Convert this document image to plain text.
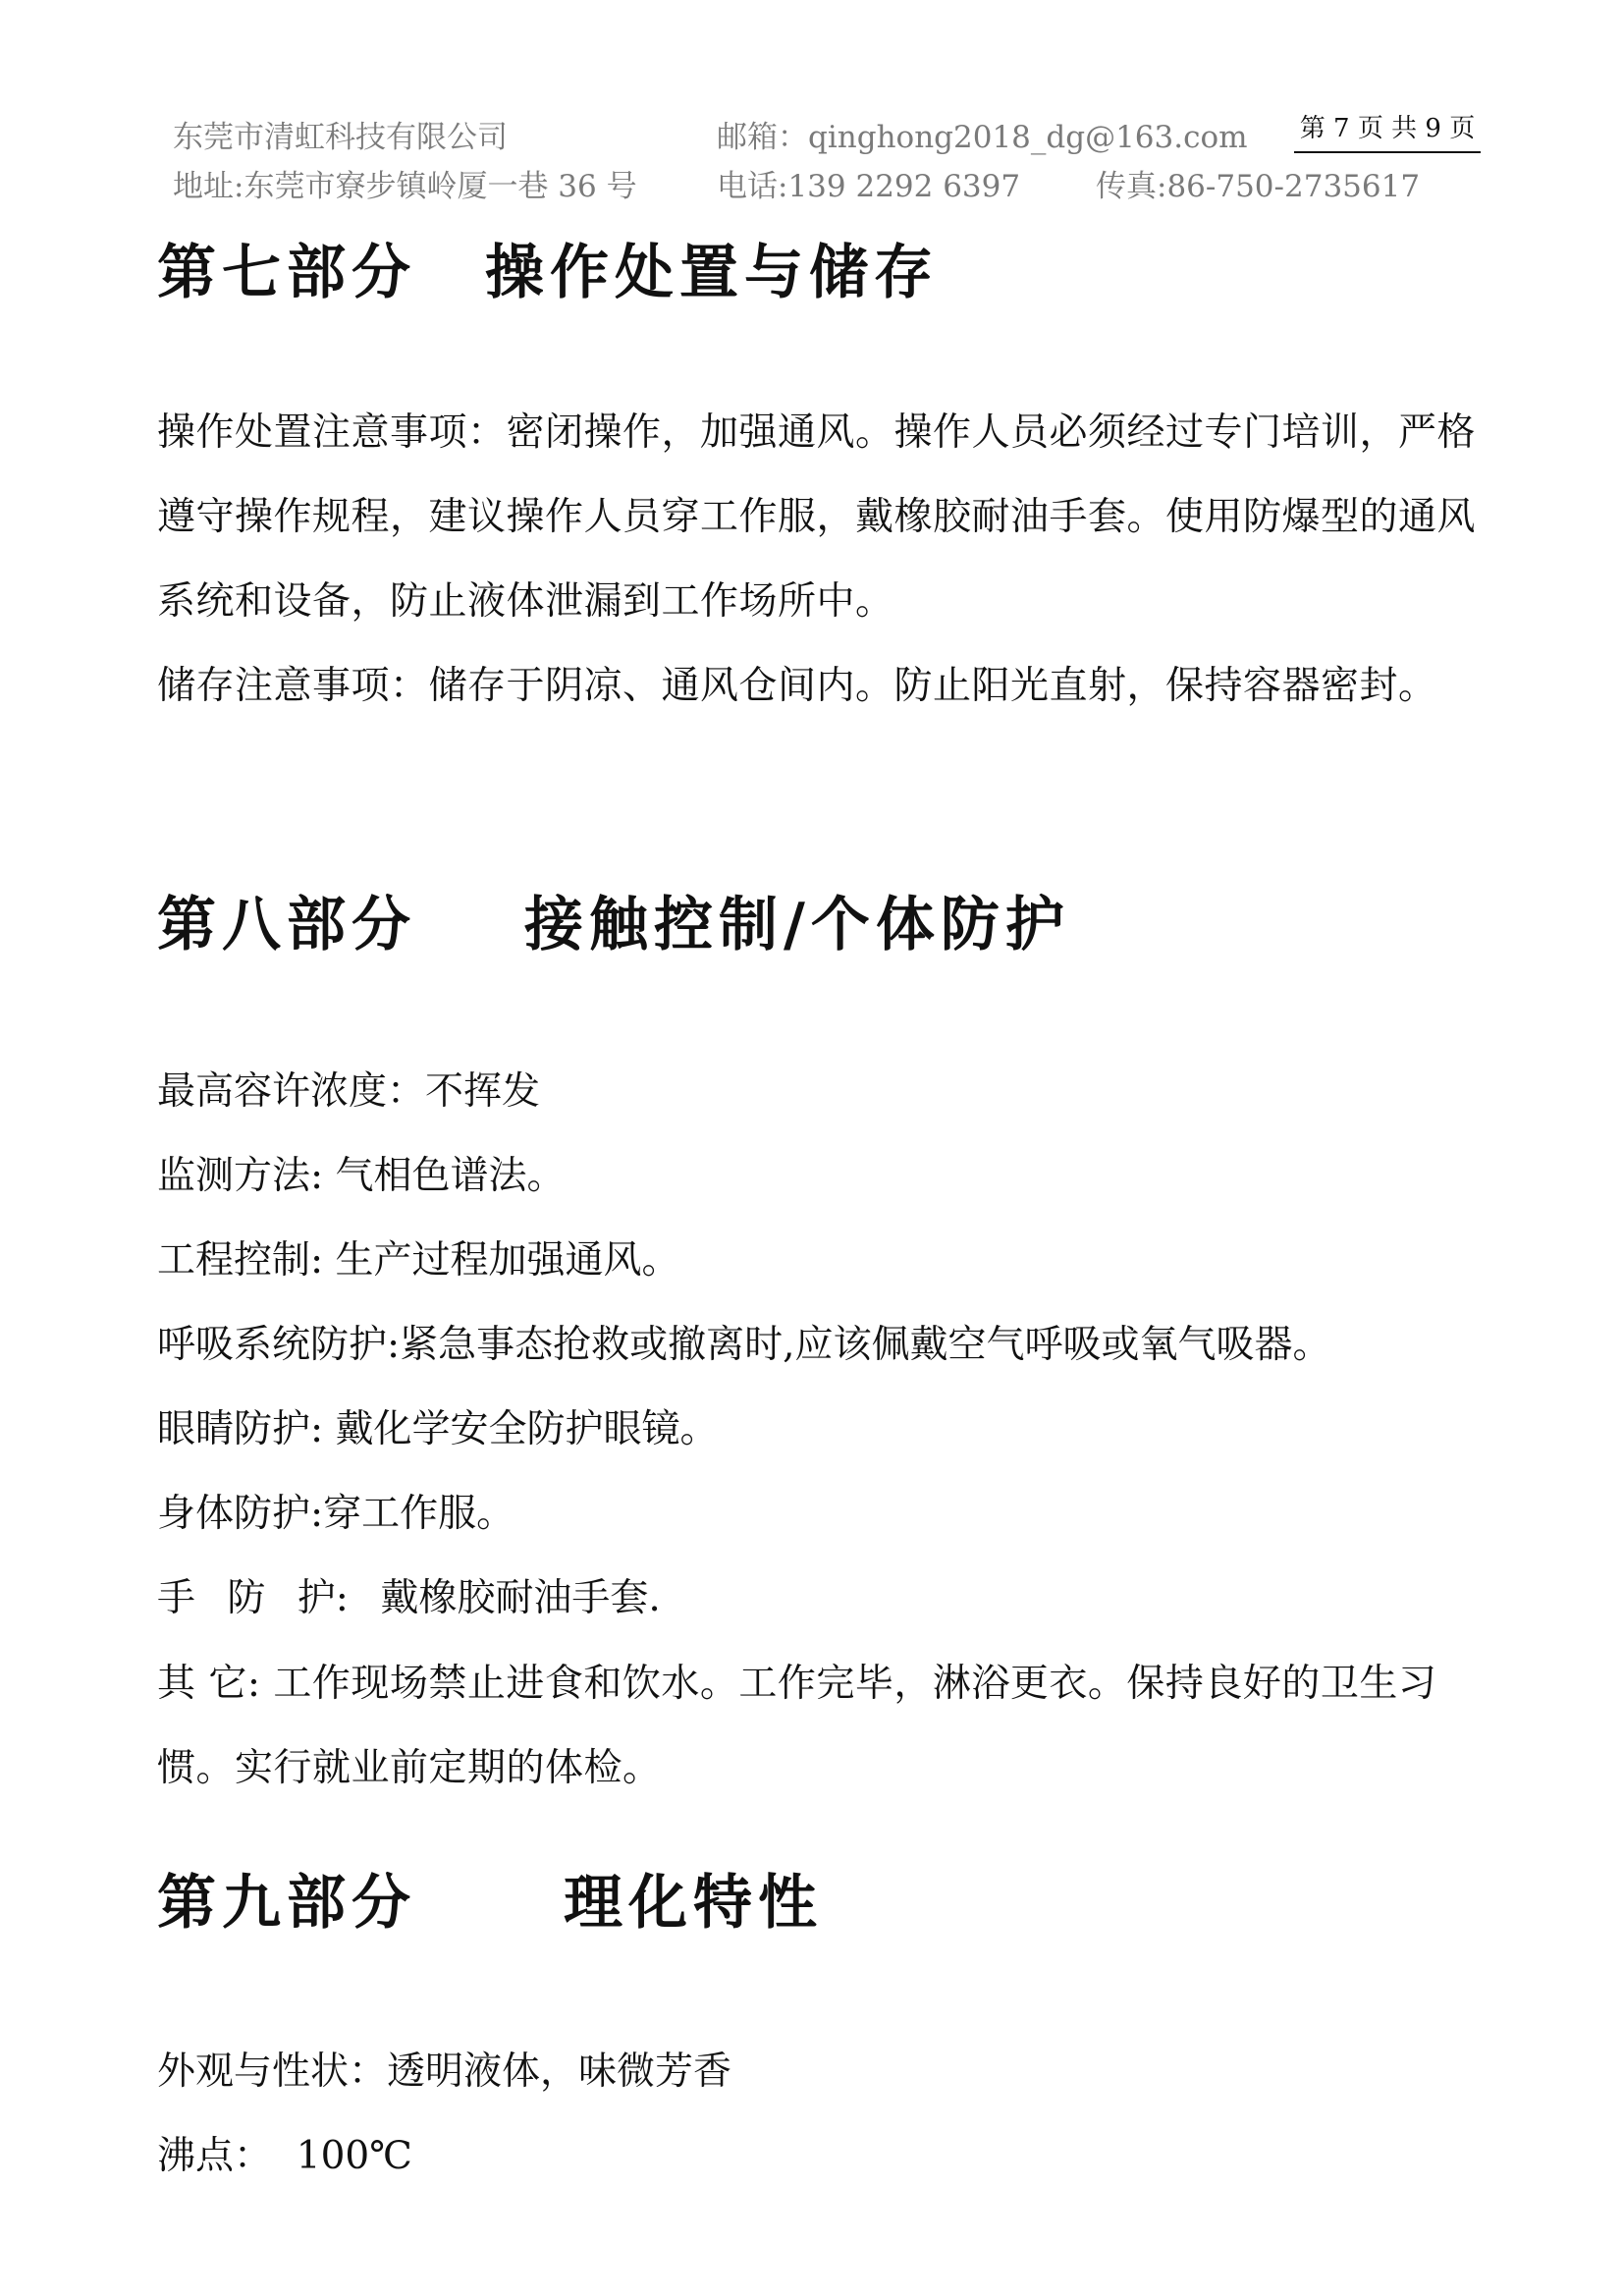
东莞市清虹科技有限公司	邮箱：qinghong2018_dg@163.com 第 7 页 共 9 页
地址:东莞市寮步镇岭厦一巷 36 号	电话:139 2292 6397 传真:86-750-2735617
第七部分 操作处置与储存
操作处置注意事项：密闭操作，加强通风。操作人员必须经过专门培训，严格遵守操作规程，建议操作人员穿工作服，戴橡胶耐油手套。使用防爆型的通风系统和设备，防止液体泄漏到工作场所中。
储存注意事项：储存于阴凉、通风仓间内。防止阳光直射，保持容器密封。
第八部分 接触控制/个体防护
最高容许浓度：不挥发
监测方法: 气相色谱法。
工程控制: 生产过程加强通风。
呼吸系统防护:紧急事态抢救或撤离时,应该佩戴空气呼吸或氧气吸器。
眼睛防护: 戴化学安全防护眼镜。
身体防护:穿工作服。
手 防 护: 戴橡胶耐油手套.
其 它: 工作现场禁止进食和饮水。工作完毕，淋浴更衣。保持良好的卫生习惯。实行就业前定期的体检。
第九部分	理化特性
外观与性状：透明液体，味微芳香
沸点：  100℃
